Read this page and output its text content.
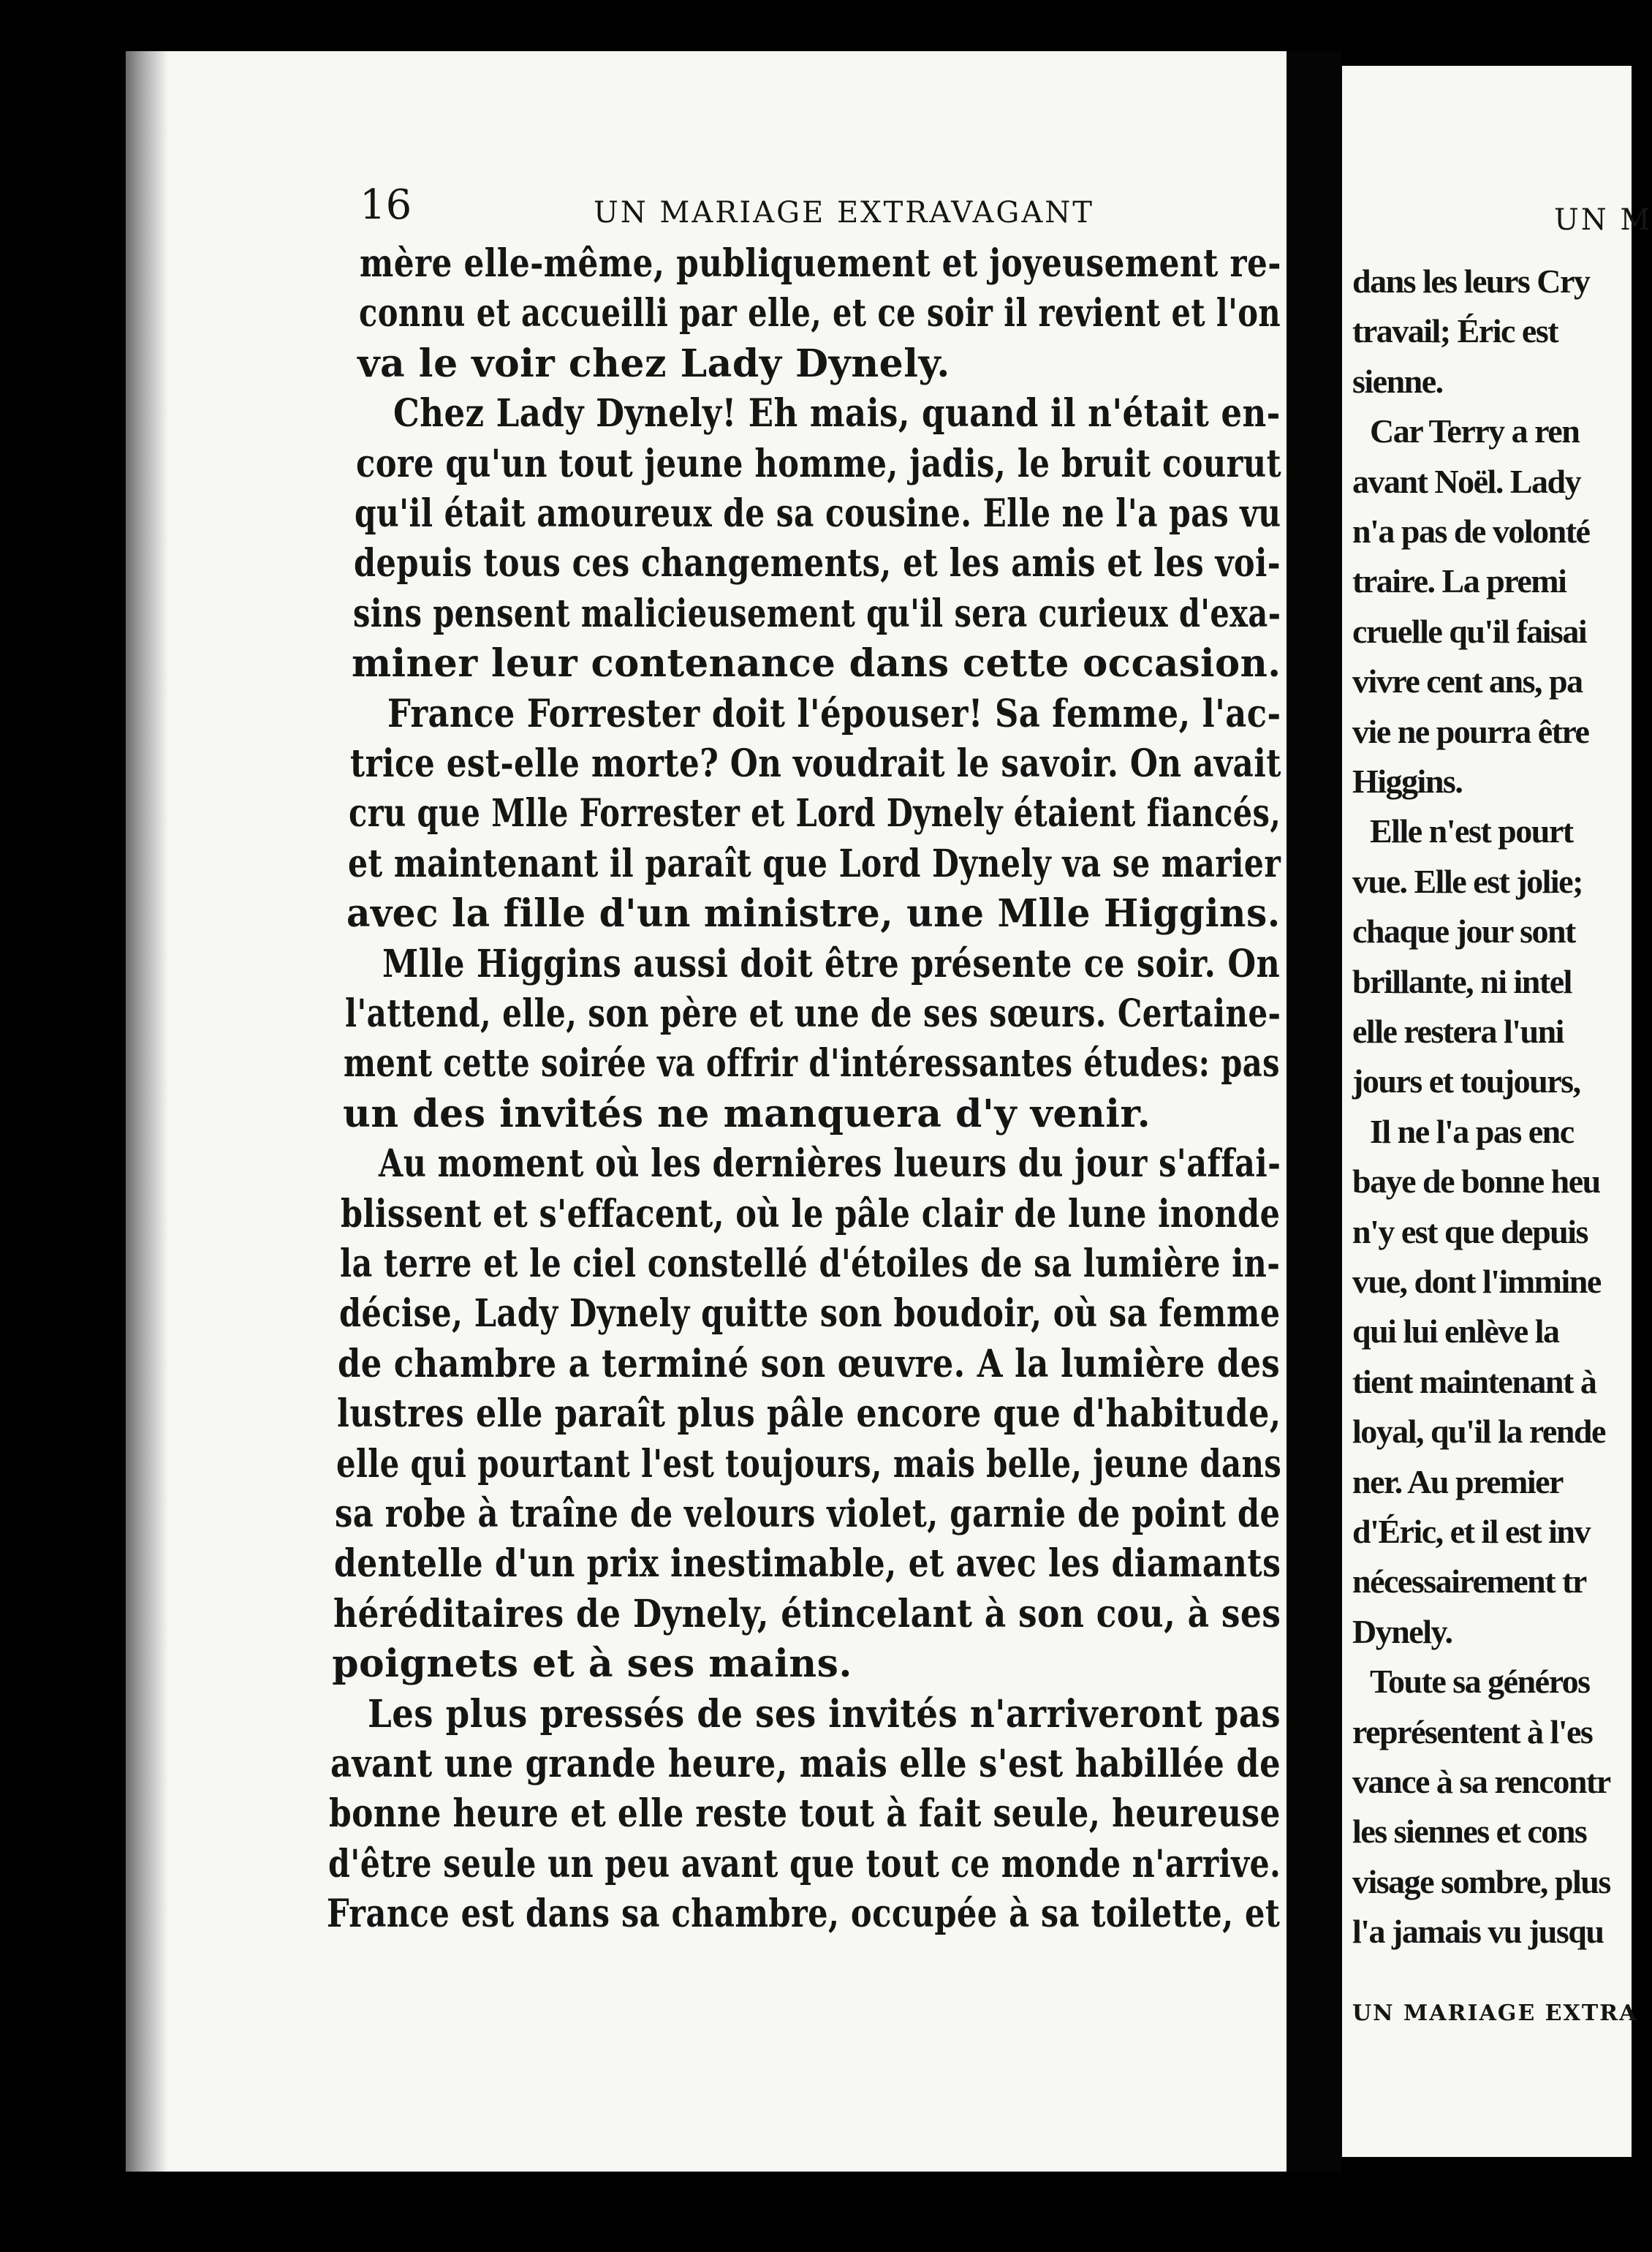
16	UN MARIAGE EXTRAVAGANT
mère elle-même, publiquement et joyeusement re-
connu et accueilli par elle, et ce soir il revient et l'on
va le voir chez Lady Dynely.
Chez Lady Dynely! Eh mais, quand il n'était en-
core qu'un tout jeune homme, jadis, le bruit courut
qu'il était amoureux de sa cousine. Elle ne l'a pas vu
depuis tous ces changements, et les amis et les voi-
sins pensent malicieusement qu'il sera curieux d'exa-
miner leur contenance dans cette occasion.
France Forrester doit l'épouser! Sa femme, l'ac-
trice est-elle morte? On voudrait le savoir. On avait
cru que Mlle Forrester et Lord Dynely étaient fiancés,
et maintenant il paraît que Lord Dynely va se marier
avec la fille d'un ministre, une Mlle Higgins.
Mlle Higgins aussi doit être présente ce soir. On
l'attend, elle, son père et une de ses sœurs. Certaine-
ment cette soirée va offrir d'intéressantes études: pas
un des invités ne manquera d'y venir.
Au moment où les dernières lueurs du jour s'affai-
blissent et s'effacent, où le pâle clair de lune inonde
la terre et le ciel constellé d'étoiles de sa lumière in-
décise, Lady Dynely quitte son boudoir, où sa femme
de chambre a terminé son œuvre. A la lumière des
lustres elle paraît plus pâle encore que d'habitude,
elle qui pourtant l'est toujours, mais belle, jeune dans
sa robe à traîne de velours violet, garnie de point de
dentelle d'un prix inestimable, et avec les diamants
héréditaires de Dynely, étincelant à son cou, à ses
poignets et à ses mains.
Les plus pressés de ses invités n'arriveront pas
avant une grande heure, mais elle s'est habillée de
bonne heure et elle reste tout à fait seule, heureuse
d'être seule un peu avant que tout ce monde n'arrive.
France est dans sa chambre, occupée à sa toilette, et
UN M
dans les leurs Cry
travail; Éric est
sienne.
Car Terry a ren
avant Noël. Lady
n'a pas de volonté
traire. La premi
cruelle qu'il faisai
vivre cent ans, pa
vie ne pourra être
Higgins.
Elle n'est pourt
vue. Elle est jolie;
chaque jour sont
brillante, ni intel
elle restera l'uni
jours et toujours,
Il ne l'a pas enc
baye de bonne heu
n'y est que depuis
vue, dont l'immine
qui lui enlève la
tient maintenant à
loyal, qu'il la rende
ner. Au premier
d'Éric, et il est inv
nécessairement tr
Dynely.
Toute sa généros
représentent à l'es
vance à sa rencontr
les siennes et cons
visage sombre, plus
l'a jamais vu jusqu
UN MARIAGE EXTRA
